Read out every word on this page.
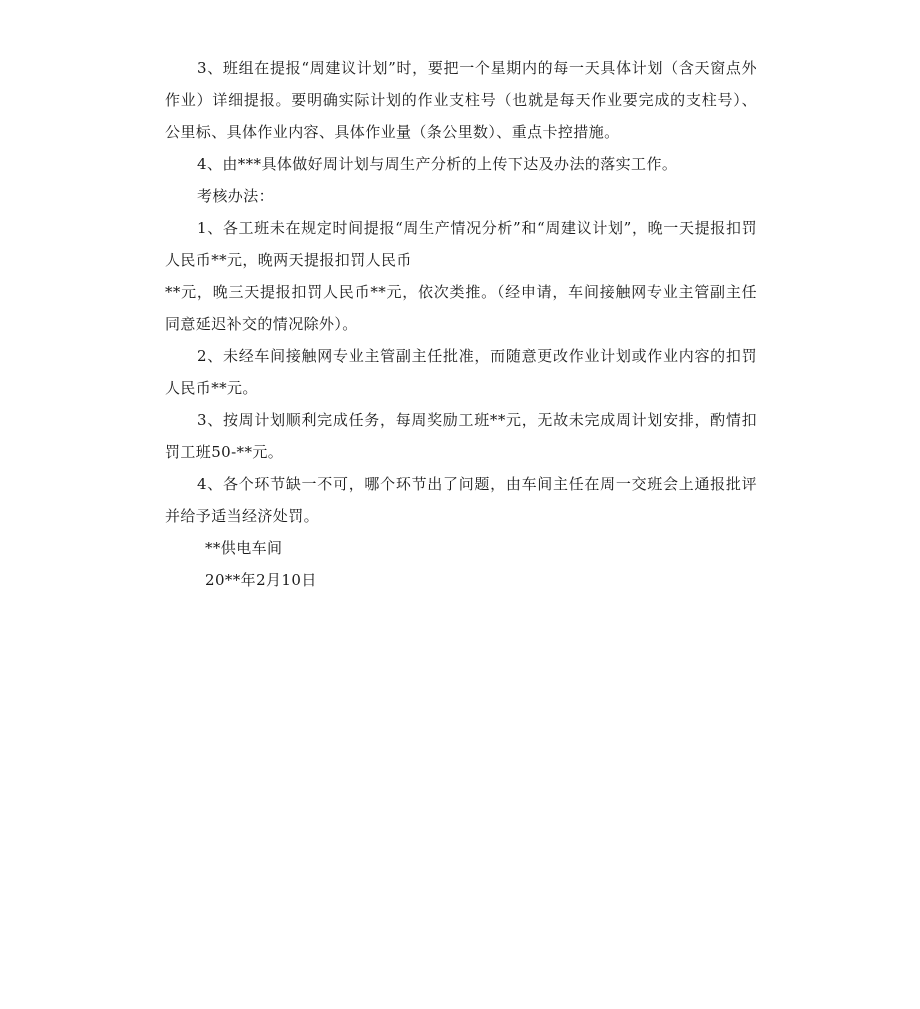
3、班组在提报“周建议计划”时，要把一个星期内的每一天具体计划（含天窗点外作业）详细提报。要明确实际计划的作业支柱号（也就是每天作业要完成的支柱号）、公里标、具体作业内容、具体作业量（条公里数）、重点卡控措施。

4、由***具体做好周计划与周生产分析的上传下达及办法的落实工作。

考核办法：

1、各工班未在规定时间提报“周生产情况分析”和“周建议计划”，晚一天提报扣罚人民币**元，晚两天提报扣罚人民币

**元，晚三天提报扣罚人民币**元，依次类推。（经申请，车间接触网专业主管副主任同意延迟补交的情况除外）。

2、未经车间接触网专业主管副主任批准，而随意更改作业计划或作业内容的扣罚人民币**元。

3、按周计划顺利完成任务，每周奖励工班**元，无故未完成周计划安排，酌情扣罚工班50-**元。

4、各个环节缺一不可，哪个环节出了问题，由车间主任在周一交班会上通报批评并给予适当经济处罚。

**供电车间

20**年2月10日
